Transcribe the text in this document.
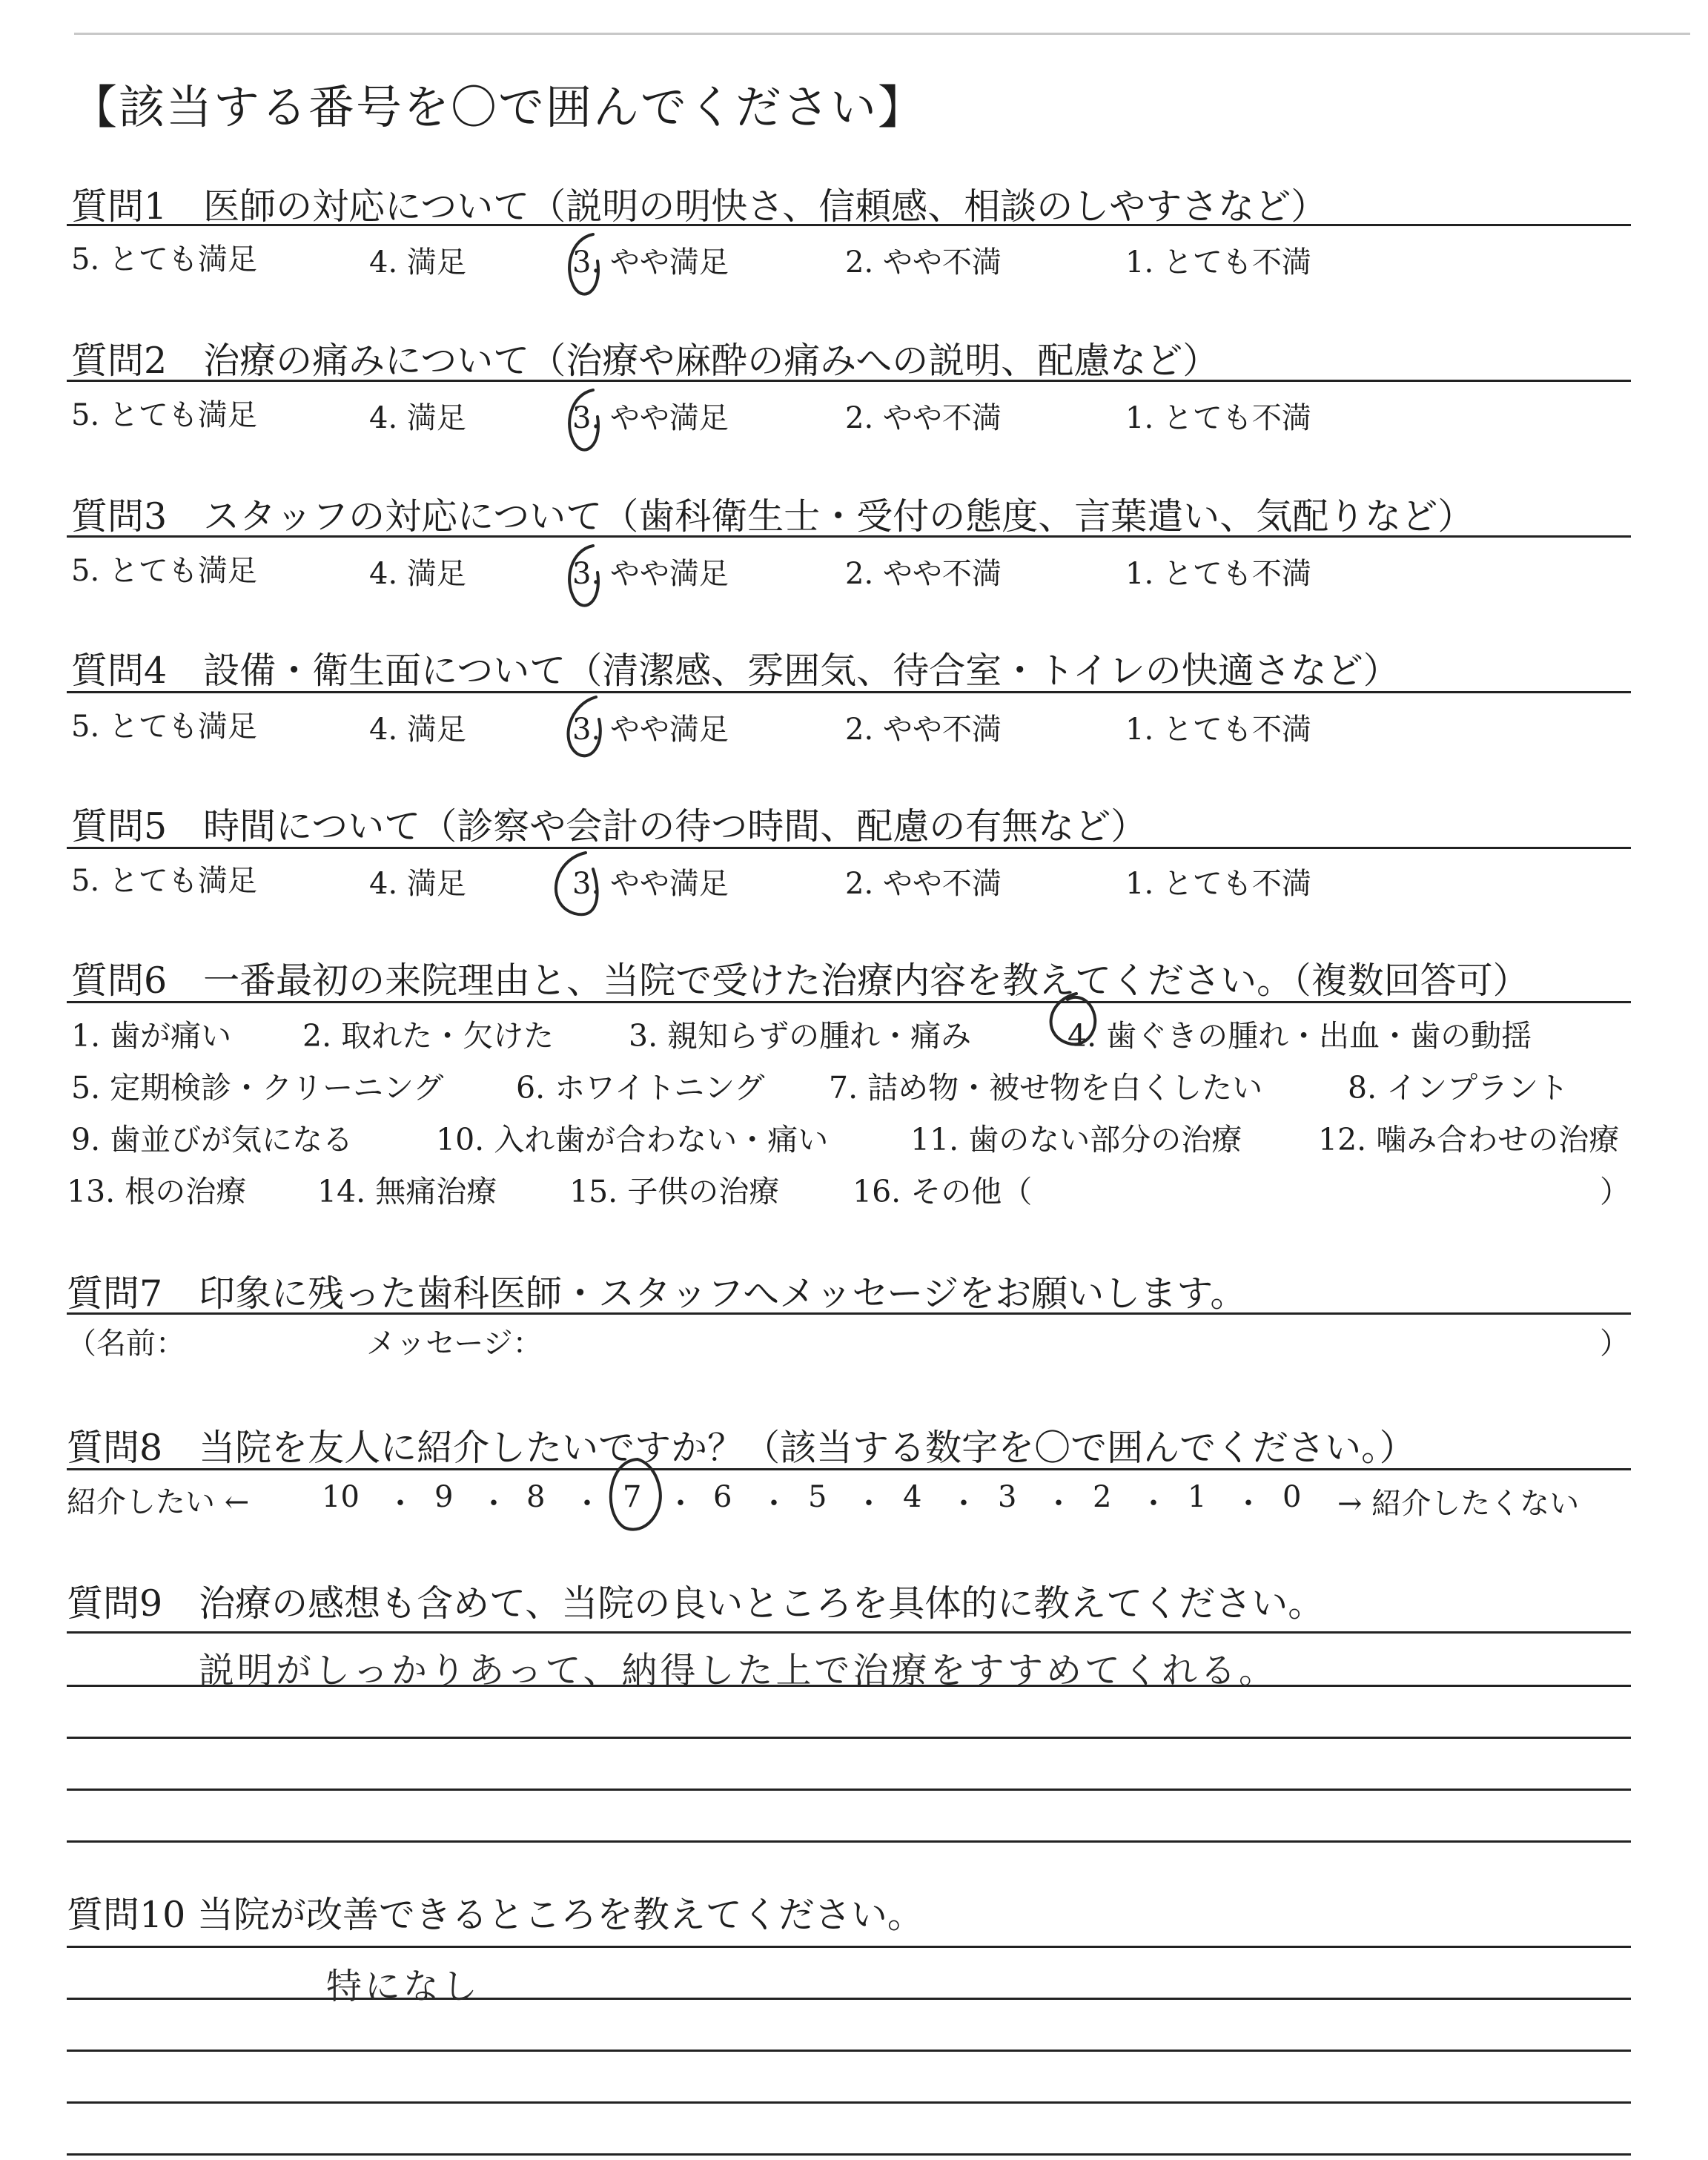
【該当する番号を〇で囲んでください】
質問1　医師の対応について（説明の明快さ、信頼感、相談のしやすさなど）
5. とても満足	4. 満足	3. やや満足	2. やや不満	1. とても不満
質問2　治療の痛みについて（治療や麻酔の痛みへの説明、配慮など）
5. とても満足	4. 満足	3. やや満足	2. やや不満	1. とても不満
質問3　スタッフの対応について（歯科衛生士・受付の態度、言葉遣い、気配りなど）
5. とても満足	4. 満足	3. やや満足	2. やや不満	1. とても不満
質問4　設備・衛生面について（清潔感、雰囲気、待合室・トイレの快適さなど）
5. とても満足	4. 満足	3. やや満足	2. やや不満	1. とても不満
質問5　時間について（診察や会計の待つ時間、配慮の有無など）
5. とても満足	4. 満足	3. やや満足	2. やや不満	1. とても不満
質問6　一番最初の来院理由と、当院で受けた治療内容を教えてください。（複数回答可）
1. 歯が痛い 2. 取れた・欠けた 3. 親知らずの腫れ・痛み	4. 歯ぐきの腫れ・出血・歯の動揺
5. 定期検診・クリーニング 6. ホワイトニング 7. 詰め物・被せ物を白くしたい	8. インプラント
9. 歯並びが気になる	10. 入れ歯が合わない・痛い	11. 歯のない部分の治療	12. 噛み合わせの治療
13. 根の治療 14. 無痛治療 15. 子供の治療 16. その他（	）
質問7　印象に残った歯科医師・スタッフへメッセージをお願いします。
（名前：	メッセージ：	）
質問8　当院を友人に紹介したいですか？（該当する数字を〇で囲んでください。）
紹介したい ← 10 ・ 9 ・ 8 ・ 7 ・ 6 ・ 5 ・ 4 ・ 3 ・ 2 ・ 1 ・ 0 → 紹介したくない
質問9　治療の感想も含めて、当院の良いところを具体的に教えてください。
説明がしっかりあって、納得した上で治療をすすめてくれる。
質問10 当院が改善できるところを教えてください。
特になし
